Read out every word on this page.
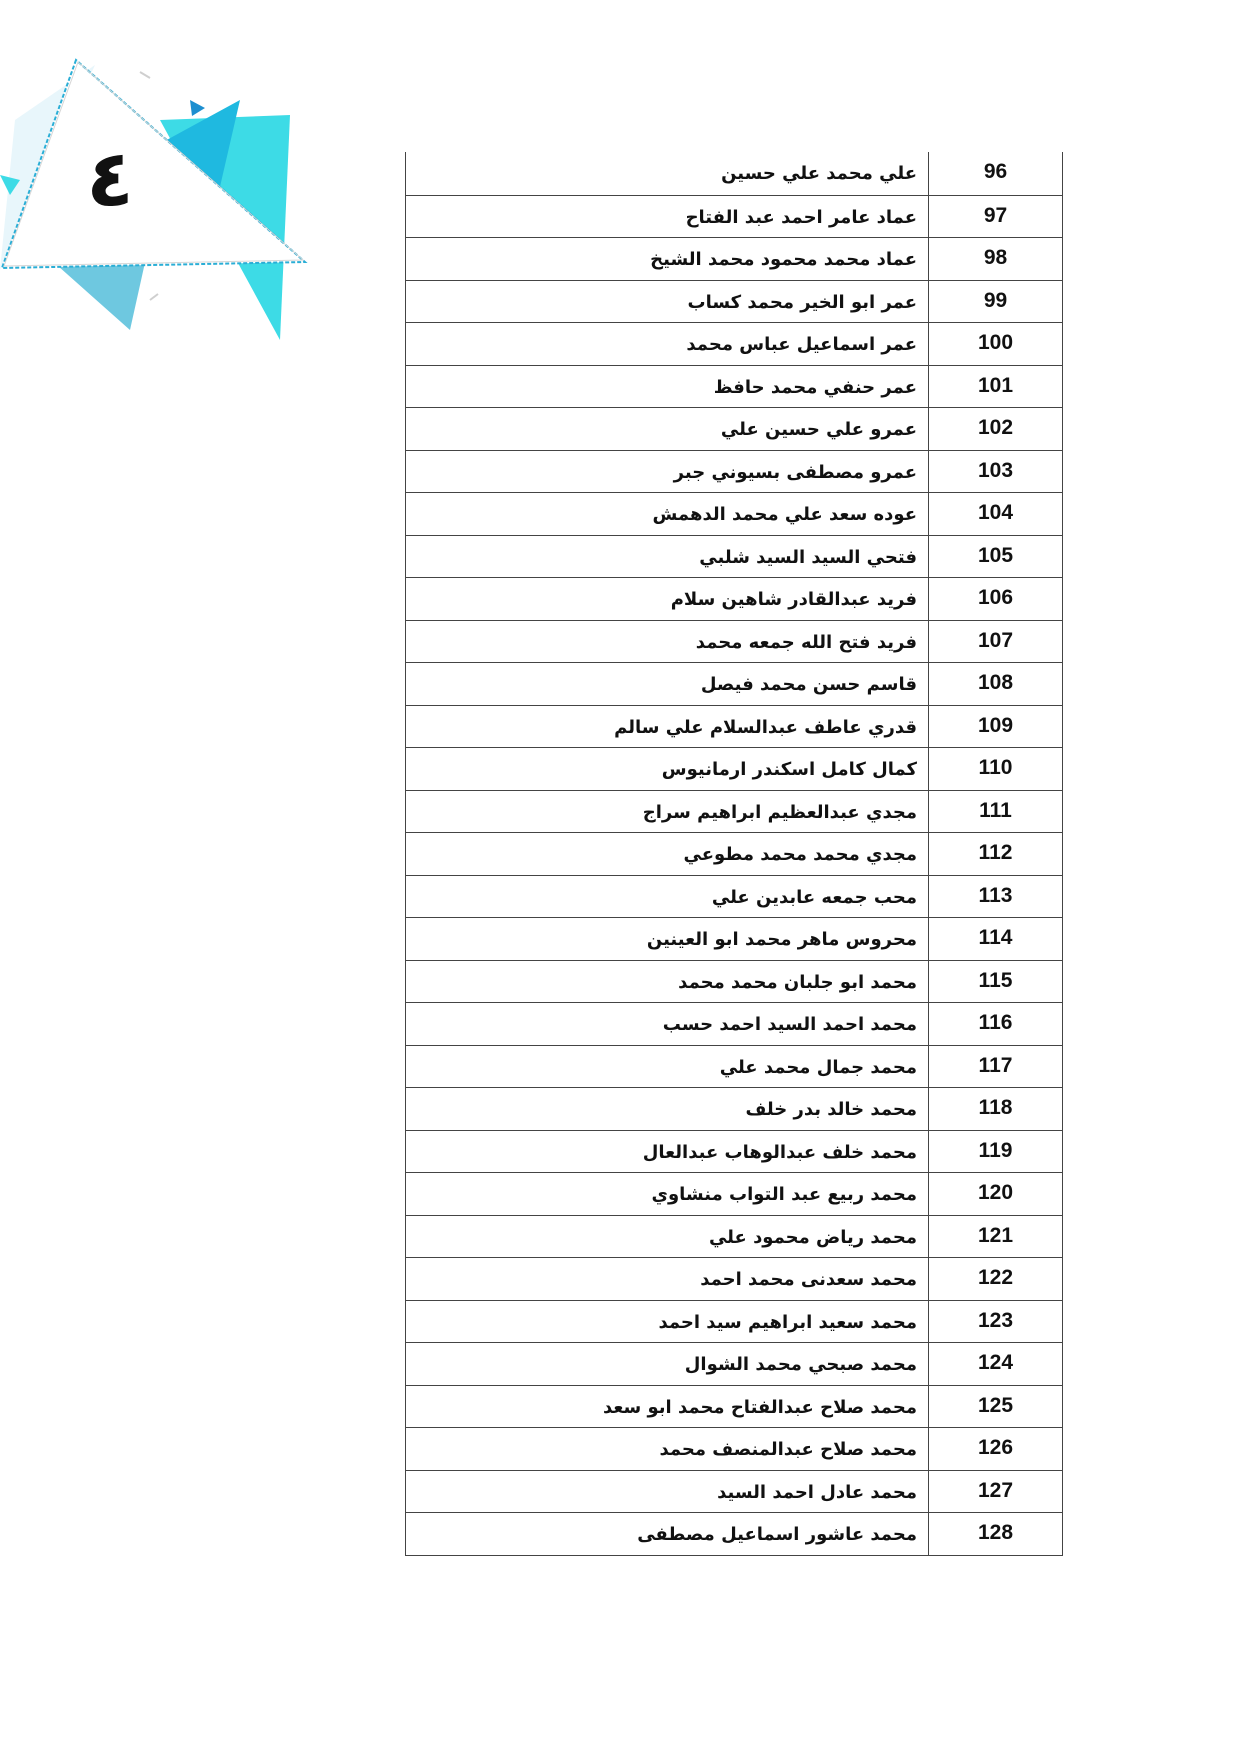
٤	علي محمد علي حسين	96
عماد عامر احمد عبد الفتاح	97
عماد محمد محمود محمد الشيخ	98
عمر ابو الخير محمد كساب	99
عمر اسماعيل عباس محمد	100
عمر حنفي محمد حافظ	101
عمرو علي حسين علي	102
عمرو مصطفى بسيوني جبر	103
عوده سعد علي محمد الدهمش	104
فتحي السيد السيد شلبي	105
فريد عبدالقادر شاهين سلام	106
فريد فتح الله جمعه محمد	107
قاسم حسن محمد فيصل	108
قدري عاطف عبدالسلام علي سالم	109
كمال كامل اسكندر ارمانيوس	110
مجدي عبدالعظيم ابراهيم سراج	111
مجدي محمد محمد مطوعي	112
محب جمعه عابدين علي	113
محروس ماهر محمد ابو العينين	114
محمد ابو جلبان محمد محمد	115
محمد احمد السيد احمد حسب	116
محمد جمال محمد علي	117
محمد خالد بدر خلف	118
محمد خلف عبدالوهاب عبدالعال	119
محمد ربيع عبد التواب منشاوي	120
محمد رياض محمود علي	121
محمد سعدنى محمد احمد	122
محمد سعيد ابراهيم سيد احمد	123
محمد صبحي محمد الشوال	124
محمد صلاح عبدالفتاح محمد ابو سعد	125
محمد صلاح عبدالمنصف محمد	126
محمد عادل احمد السيد	127
محمد عاشور اسماعيل مصطفى	128
